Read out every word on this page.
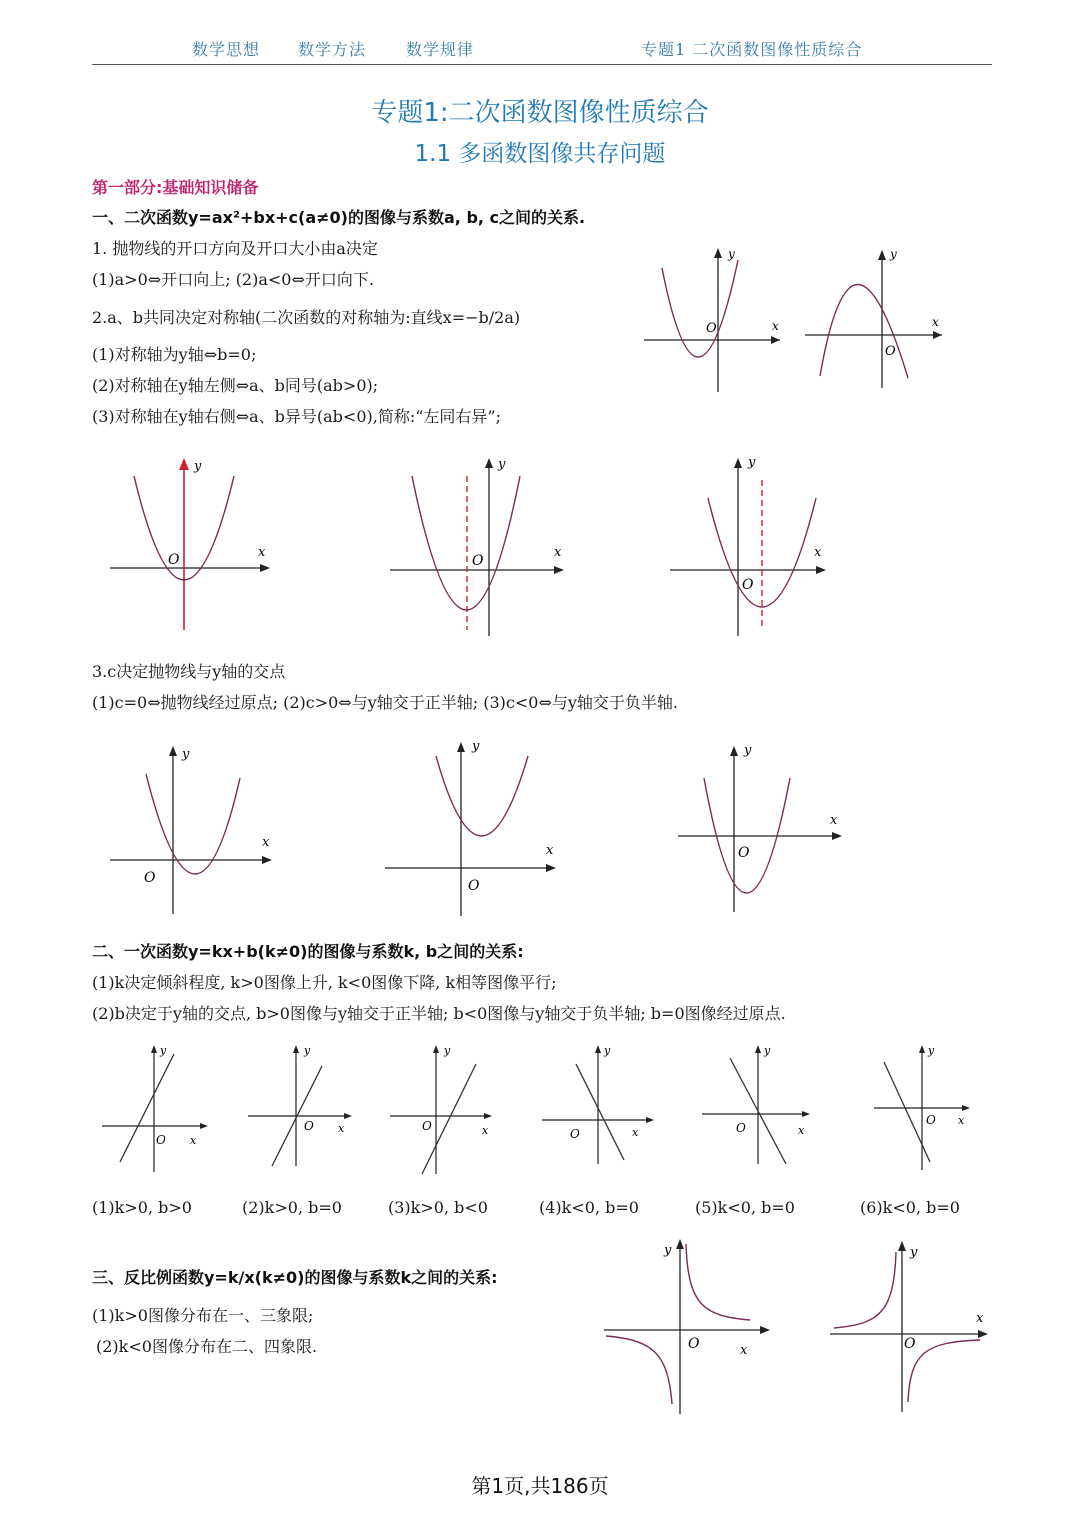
数学思想 数学方法 数学规律	专题1 二次函数图像性质综合
专题1:二次函数图像性质综合
1.1 多函数图像共存问题
第一部分:基础知识储备
一、二次函数y=ax²+bx+c(a≠0)的图像与系数a, b, c之间的关系.
1. 抛物线的开口方向及开口大小由a决定
(1)a>0⇔开口向上; (2)a<0⇔开口向下.
2.a、b共同决定对称轴(二次函数的对称轴为:直线x=−b/2a)
(1)对称轴为y轴⇔b=0;
(2)对称轴在y轴左侧⇔a、b同号(ab>0);
(3)对称轴在y轴右侧⇔a、b异号(ab<0),简称:“左同右异”;
y
x
O
y
x
O
y
x
O
y
x
O
y
x
O
3.c决定抛物线与y轴的交点
(1)c=0⇔抛物线经过原点; (2)c>0⇔与y轴交于正半轴; (3)c<0⇔与y轴交于负半轴.
y
x
O
y
x
O
y
x
O
二、一次函数y=kx+b(k≠0)的图像与系数k, b之间的关系:
(1)k决定倾斜程度, k>0图像上升, k<0图像下降, k相等图像平行;
(2)b决定于y轴的交点, b>0图像与y轴交于正半轴; b<0图像与y轴交于负半轴; b=0图像经过原点.
y
x
O
y
x
O
y
x
O
y
x
O
y
x
O
y
x
O
(1)k>0, b>0	(2)k>0, b=0	(3)k>0, b<0	(4)k<0, b=0	(5)k<0, b=0	(6)k<0, b=0
三、反比例函数y=k/x(k≠0)的图像与系数k之间的关系:
(1)k>0图像分布在一、三象限;
(2)k<0图像分布在二、四象限.
y
x
O
y
x
O
第1页,共186页
